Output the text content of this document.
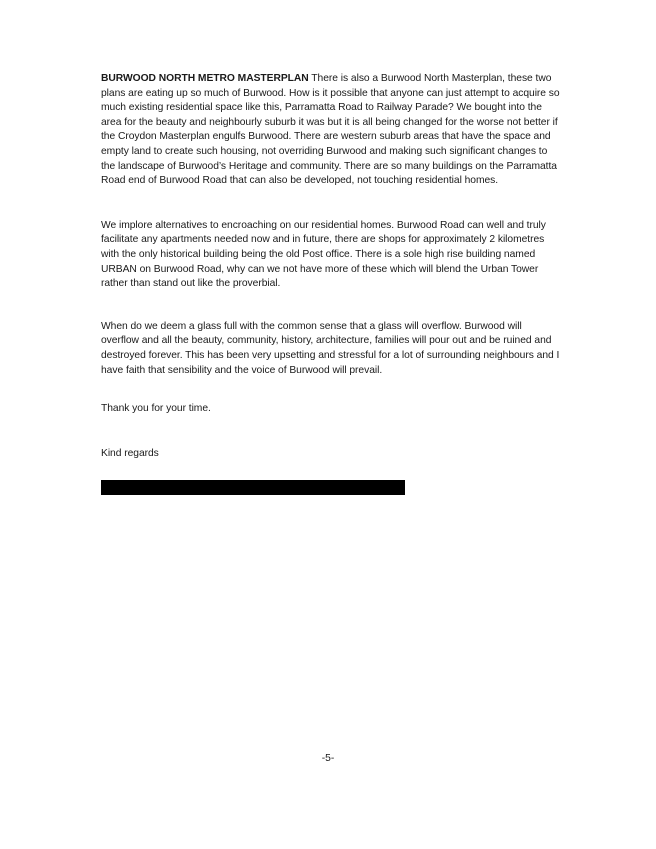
BURWOOD NORTH METRO MASTERPLAN There is also a Burwood North Masterplan, these two plans are eating up so much of Burwood. How is it possible that anyone can just attempt to acquire so much existing residential space like this, Parramatta Road to Railway Parade? We bought into the area for the beauty and neighbourly suburb it was but it is all being changed for the worse not better if the Croydon Masterplan engulfs Burwood. There are western suburb areas that have the space and empty land to create such housing, not overriding Burwood and making such significant changes to the landscape of Burwood’s Heritage and community. There are so many buildings on the Parramatta Road end of Burwood Road that can also be developed, not touching residential homes.

We implore alternatives to encroaching on our residential homes. Burwood Road can well and truly facilitate any apartments needed now and in future, there are shops for approximately 2 kilometres with the only historical building being the old Post office. There is a sole high rise building named URBAN on Burwood Road, why can we not have more of these which will blend the Urban Tower rather than stand out like the proverbial.

When do we deem a glass full with the common sense that a glass will overflow. Burwood will overflow and all the beauty, community, history, architecture, families will pour out and be ruined and destroyed forever. This has been very upsetting and stressful for a lot of surrounding neighbours and I have faith that sensibility and the voice of Burwood will prevail.

Thank you for your time.

Kind regards

-5-
